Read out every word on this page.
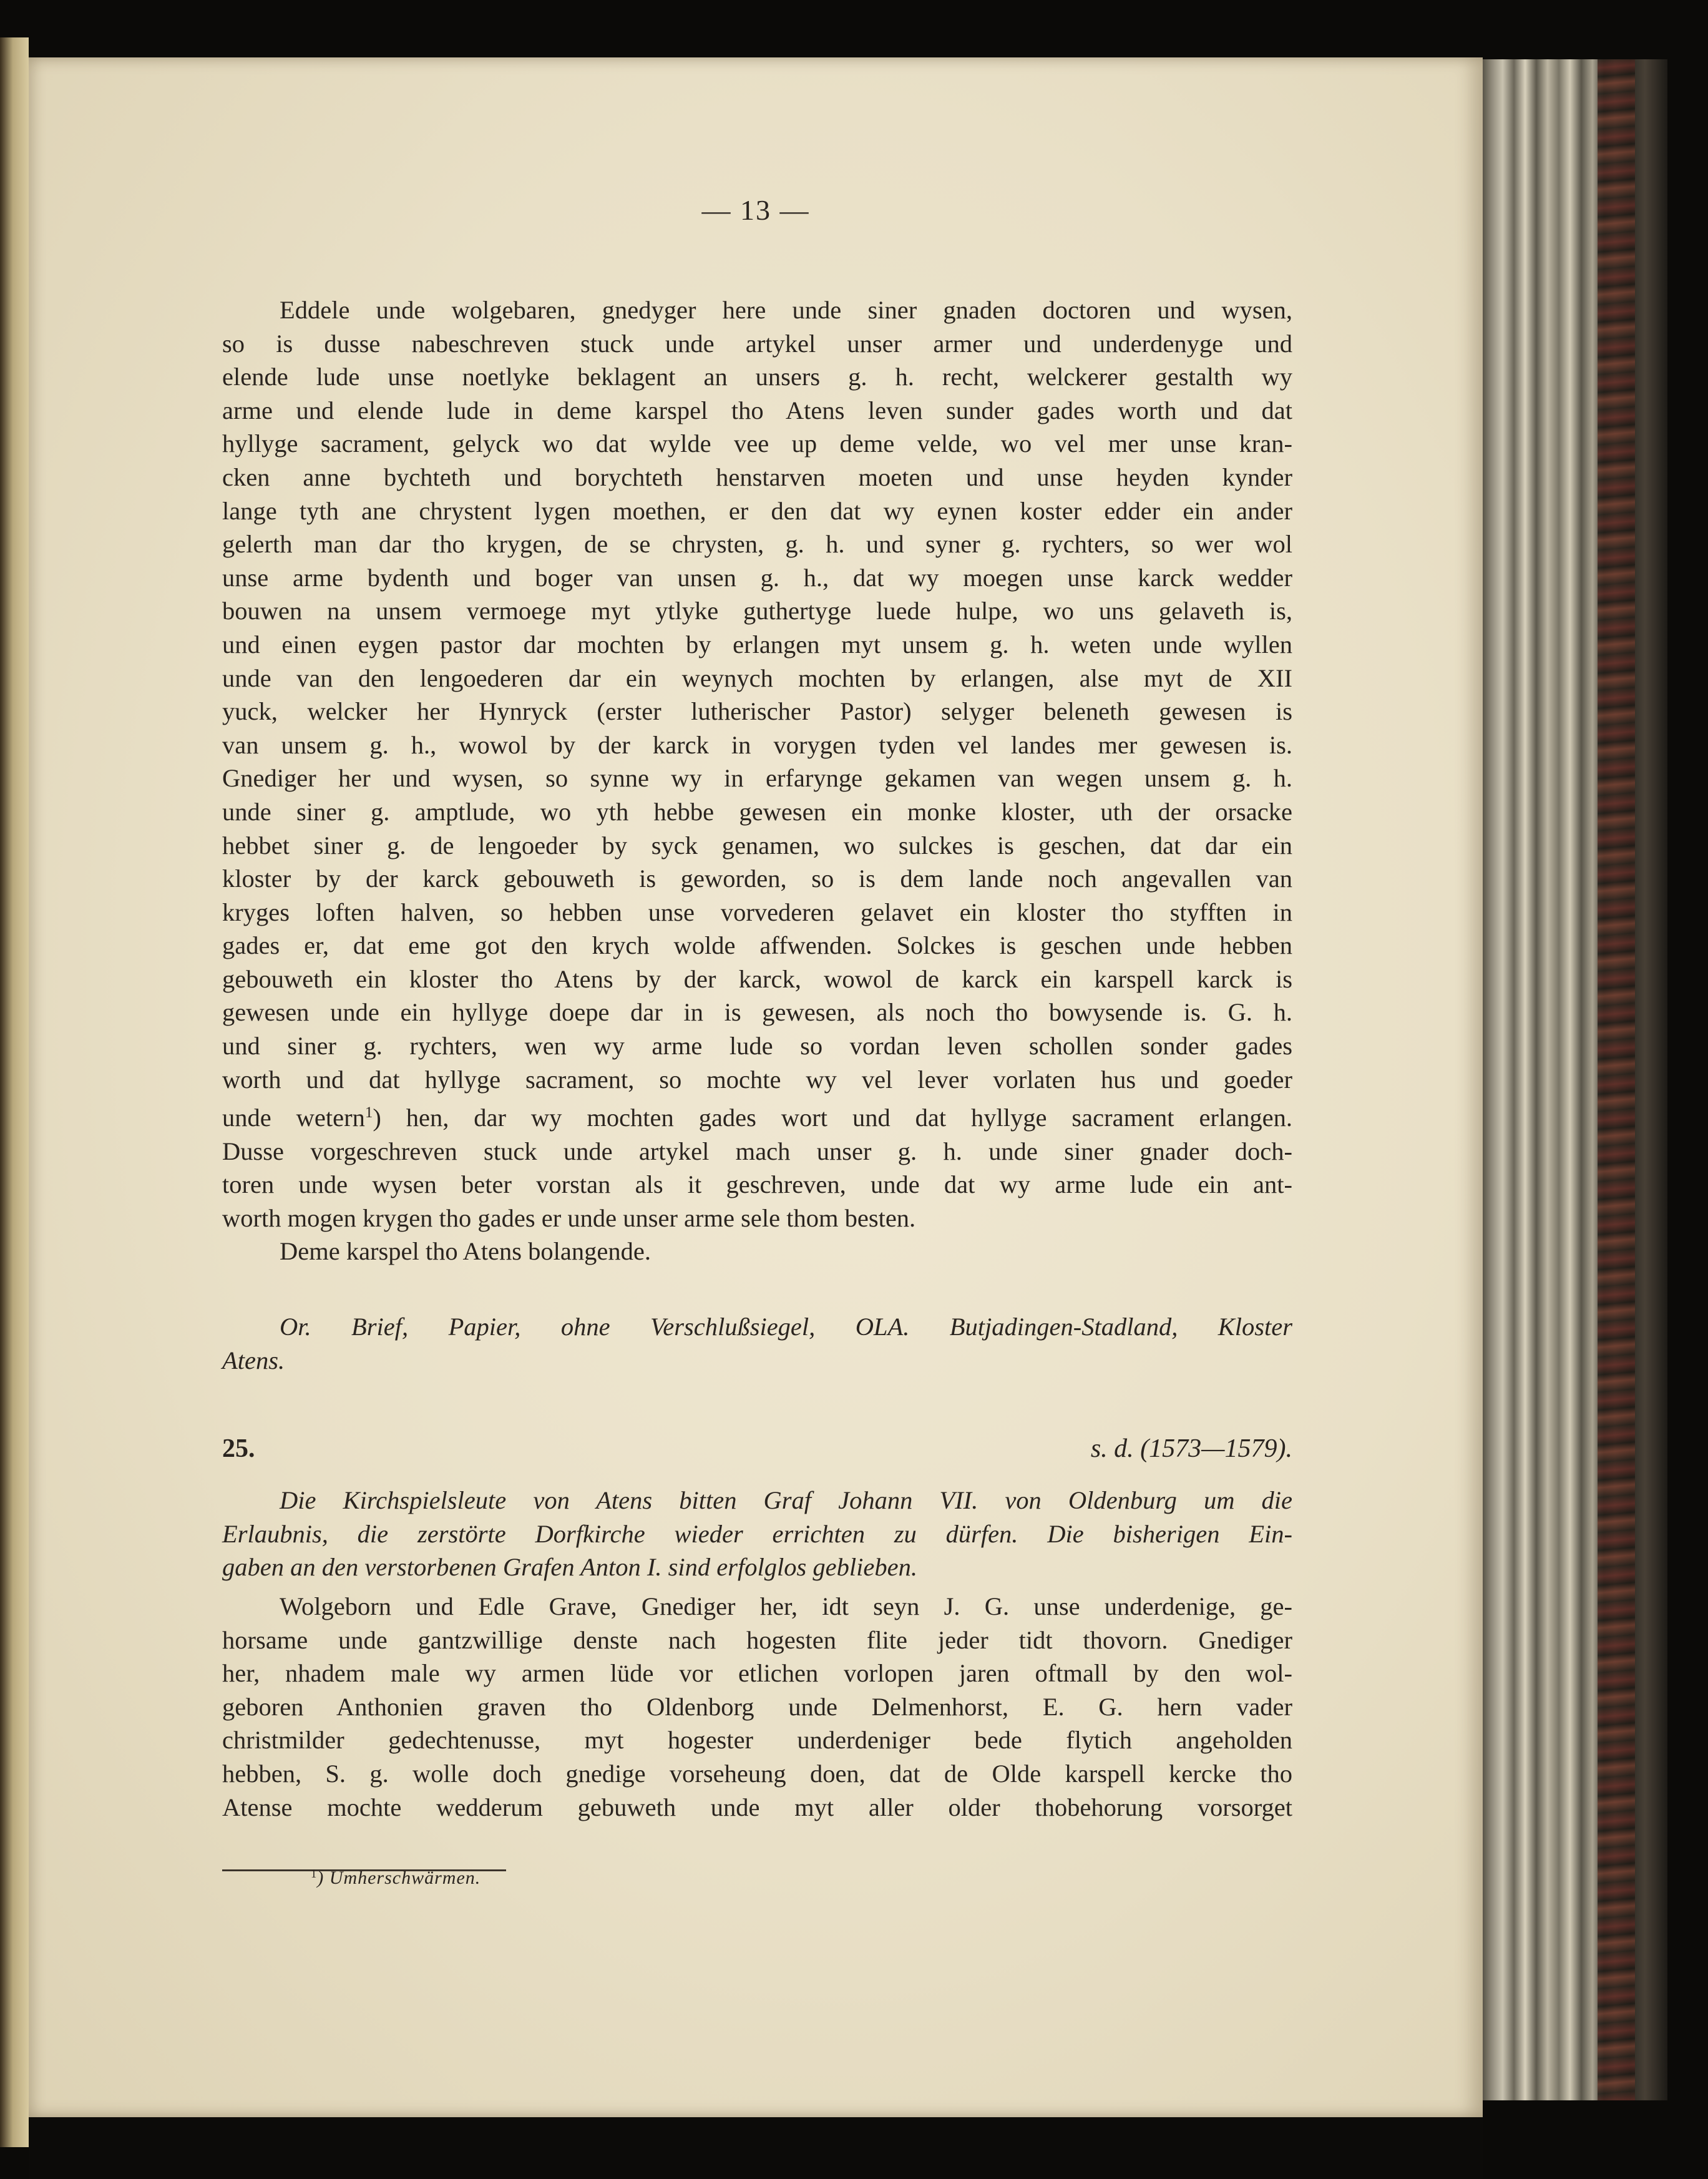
— 13 —
Eddele unde wolgebaren, gnedyger here unde siner gnaden doctoren und wysen,
so is dusse nabeschreven stuck unde artykel unser armer und underdenyge und
elende lude unse noetlyke beklagent an unsers g. h. recht, welckerer gestalth wy
arme und elende lude in deme karspel tho Atens leven sunder gades worth und dat
hyllyge sacrament, gelyck wo dat wylde vee up deme velde, wo vel mer unse kran-
cken anne bychteth und borychteth henstarven moeten und unse heyden kynder
lange tyth ane chrystent lygen moethen, er den dat wy eynen koster edder ein ander
gelerth man dar tho krygen, de se chrysten, g. h. und syner g. rychters, so wer wol
unse arme bydenth und boger van unsen g. h., dat wy moegen unse karck wedder
bouwen na unsem vermoege myt ytlyke guthertyge luede hulpe, wo uns gelaveth is,
und einen eygen pastor dar mochten by erlangen myt unsem g. h. weten unde wyllen
unde van den lengoederen dar ein weynych mochten by erlangen, alse myt de XII
yuck, welcker her Hynryck (erster lutherischer Pastor) selyger beleneth gewesen is
van unsem g. h., wowol by der karck in vorygen tyden vel landes mer gewesen is.
Gnediger her und wysen, so synne wy in erfarynge gekamen van wegen unsem g. h.
unde siner g. amptlude, wo yth hebbe gewesen ein monke kloster, uth der orsacke
hebbet siner g. de lengoeder by syck genamen, wo sulckes is geschen, dat dar ein
kloster by der karck gebouweth is geworden, so is dem lande noch angevallen van
kryges loften halven, so hebben unse vorvederen gelavet ein kloster tho styfften in
gades er, dat eme got den krych wolde affwenden. Solckes is geschen unde hebben
gebouweth ein kloster tho Atens by der karck, wowol de karck ein karspell karck is
gewesen unde ein hyllyge doepe dar in is gewesen, als noch tho bowysende is. G. h.
und siner g. rychters, wen wy arme lude so vordan leven schollen sonder gades
worth und dat hyllyge sacrament, so mochte wy vel lever vorlaten hus und goeder
unde wetern$^1$) hen, dar wy mochten gades wort und dat hyllyge sacrament erlangen.
Dusse vorgeschreven stuck unde artykel mach unser g. h. unde siner gnader doch-
toren unde wysen beter vorstan als it geschreven, unde dat wy arme lude ein ant-
worth mogen krygen tho gades er unde unser arme sele thom besten.
Deme karspel tho Atens bolangende.
Or. Brief, Papier, ohne Verschlußsiegel, OLA. Butjadingen-Stadland, Kloster
Atens.
25.	s. d. (1573—1579).
Die Kirchspielsleute von Atens bitten Graf Johann VII. von Oldenburg um die
Erlaubnis, die zerstörte Dorfkirche wieder errichten zu dürfen. Die bisherigen Ein-
gaben an den verstorbenen Grafen Anton I. sind erfolglos geblieben.
Wolgeborn und Edle Grave, Gnediger her, idt seyn J. G. unse underdenige, ge-
horsame unde gantzwillige denste nach hogesten flite jeder tidt thovorn. Gnediger
her, nhadem male wy armen lüde vor etlichen vorlopen jaren oftmall by den wol-
geboren Anthonien graven tho Oldenborg unde Delmenhorst, E. G. hern vader
christmilder gedechtenusse, myt hogester underdeniger bede flytich angeholden
hebben, S. g. wolle doch gnedige vorseheung doen, dat de Olde karspell kercke tho
Atense mochte wedderum gebuweth unde myt aller older thobehorung vorsorget
$^1$) Umherschwärmen.
